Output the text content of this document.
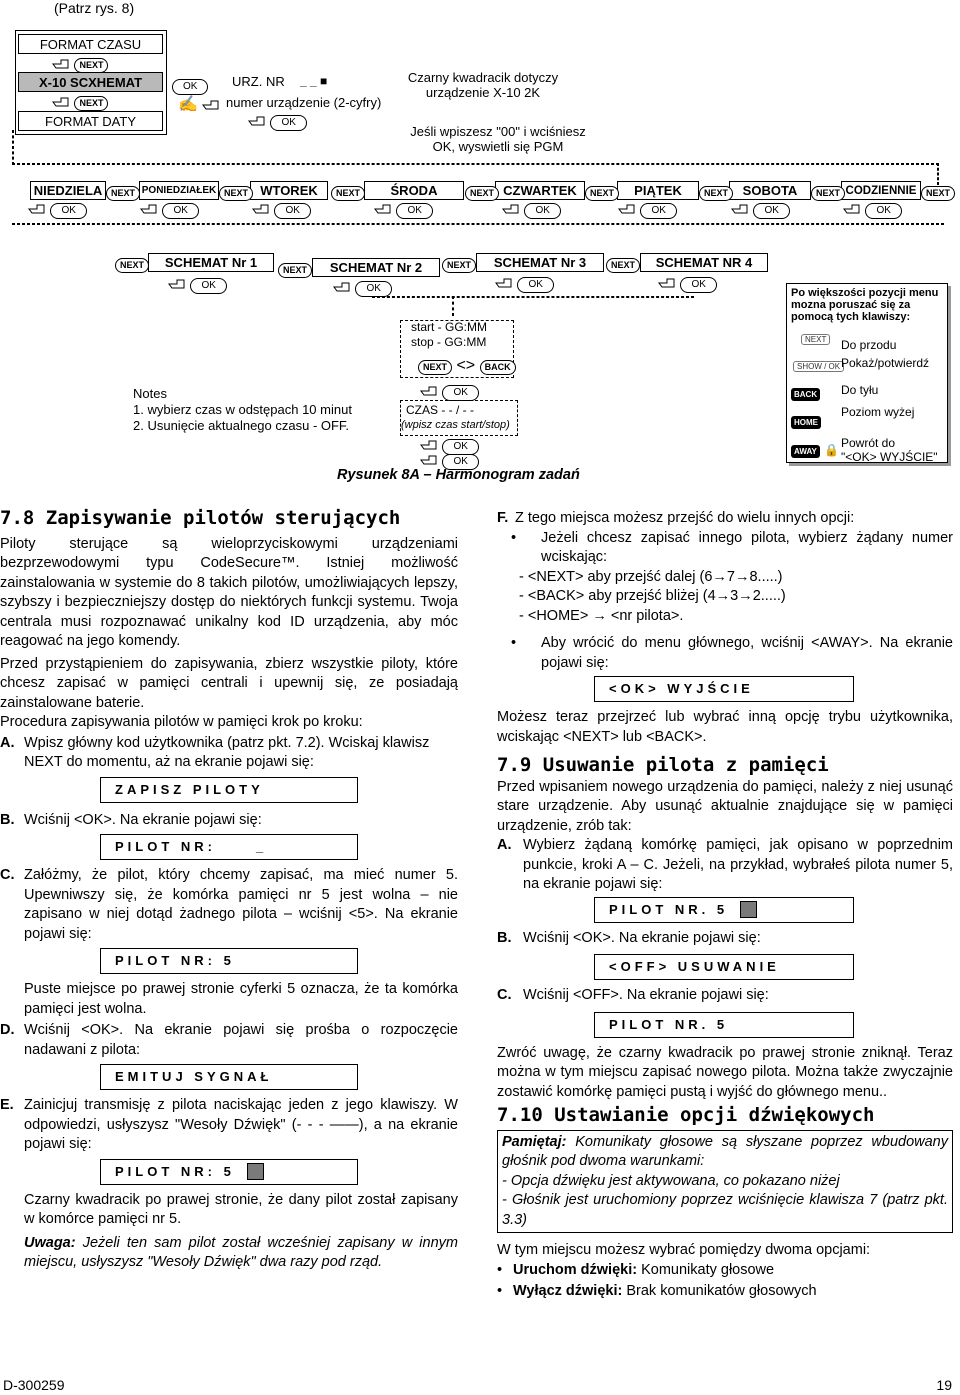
(Patrz rys. 8)
FORMAT CZASU
NEXT
X-10 SCXHEMAT
NEXT
FORMAT DATY
OK	URZ. NR _ _ ■
✍ numer urządzenie (2-cyfry)
OK
Czarny kwadracik dotyczy urządzenie X-10 2K
Jeśli wpiszesz "00" i wciśniesz OK, wyswietli się PGM
NIEDZIELA	PONIEDZIAŁEK	WTOREK	ŚRODA	CZWARTEK	PIĄTEK	SOBOTA	CODZIENNIE
NEXT	NEXT	NEXT	NEXT	NEXT	NEXT	NEXT	NEXT
OK	OK	OK	OK	OK	OK	OK	OK
NEXT	SCHEMAT Nr 1	NEXT	SCHEMAT Nr 2	NEXT	SCHEMAT Nr 3	NEXT	SCHEMAT NR 4
OK	OK	OK	OK
start - GG:MM
stop - GG:MM
NEXT <> BACK
OK
CZAS - - / - -
(wpisz czas start/stop)
OK
OK
Notes
1. wybierz czas w odstępach 10 minut
2. Usunięcie aktualnego czasu - OFF.
Rysunek 8A – Harmonogram zadań
Po większości pozycji menu mozna poruszać się za pomocą tych klawiszy:
NEXT	Do przodu
SHOW / OK Pokaż/potwierdź
BACK Do tyłu
HOME
Poziom wyżej
AWAY 🔒 Powrót do
"<OK> WYJŚCIE"
7.8 Zapisywanie pilotów sterujących

Piloty sterujące są wieloprzyciskowymi urządzeniami bezprzewodowymi typu CodeSecure™. Istniej możliwość zainstalowania w systemie do 8 takich pilotów, umożliwiających lepszy, szybszy i bezpieczniejszy dostęp do niektórych funkcji systemu. Twoja centrala musi rozpoznawać unikalny kod ID urządzenia, aby móc reagować na jego komendy.

Przed przystąpieniem do zapisywania, zbierz wszystkie piloty, które chcesz zapisać w pamięci centrali i upewnij się, ze posiadają zainstalowane baterie.

Procedura zapisywania pilotów w pamięci krok po kroku:

A. Wpisz główny kod użytkownika (patrz pkt. 7.2). Wciskaj klawisz NEXT do momentu, aż na ekranie pojawi się:
ZAPISZ PILOTY
B. Wciśnij <OK>. Na ekranie pojawi się:
PILOT NR:	_
C. Załóżmy, że pilot, który chcemy zapisać, ma mieć numer 5. Upewniwszy się, że komórka pamięci nr 5 jest wolna – nie zapisano w niej dotąd żadnego pilota – wciśnij <5>. Na ekranie pojawi się:
PILOT NR: 5

Puste miejsce po prawej stronie cyferki 5 oznacza, że ta komórka pamięci jest wolna.

D. Wciśnij <OK>. Na ekranie pojawi się prośba o rozpoczęcie nadawani z pilota:
EMITUJ SYGNAŁ
E. Zainicjuj transmisję z pilota naciskając jeden z jego klawiszy. W odpowiedzi, usłyszysz "Wesoły Dźwięk" (- - - ——), a na ekranie pojawi się:
PILOT NR: 5

Czarny kwadracik po prawej stronie, że dany pilot został zapisany w komórce pamięci nr 5.

Uwaga: Jeżeli ten sam pilot został wcześniej zapisany w innym miejscu, usłyszysz "Wesoły Dźwięk" dwa razy pod rząd.

F. Z tego miejsca możesz przejść do wielu innych opcji:
•	Jeżeli chcesz zapisać innego pilota, wybierz żądany numer wciskając:
- <NEXT> aby przejść dalej (6→7→8.....)
- <BACK> aby przejść bliżej (4→3→2.....)
- <HOME> → <nr pilota>.
•	Aby wrócić do menu głównego, wciśnij <AWAY>. Na ekranie pojawi się:
<OK> WYJŚCIE

Możesz teraz przejrzeć lub wybrać inną opcję trybu użytkownika, wciskając <NEXT> lub <BACK>.

7.9 Usuwanie pilota z pamięci

Przed wpisaniem nowego urządzenia do pamięci, należy z niej usunąć stare urządzenie. Aby usunąć aktualnie znajdujące się w pamięci urządzenie, zrób tak:

A. Wybierz żądaną komórkę pamięci, jak opisano w poprzednim punkcie, kroki A – C. Jeżeli, na przykład, wybrałeś pilota numer 5, na ekranie pojawi się:
PILOT NR. 5
B. Wciśnij <OK>. Na ekranie pojawi się:
<OFF> USUWANIE
C. Wciśnij <OFF>. Na ekranie pojawi się:
PILOT NR. 5

Zwróć uwagę, że czarny kwadracik po prawej stronie zniknął. Teraz można w tym miejscu zapisać nowego pilota. Można także zwyczajnie zostawić komórkę pamięci pustą i wyjść do głównego menu..

7.10 Ustawianie opcji dźwiękowych

Pamiętaj: Komunikaty głosowe są słyszane poprzez wbudowany głośnik pod dwoma warunkami:

- Opcja dźwięku jest aktywowana, co pokazano niżej

- Głośnik jest uruchomiony poprzez wciśnięcie klawisza 7 (patrz pkt. 3.3)

W tym miejscu możesz wybrać pomiędzy dwoma opcjami:

• Uruchom dźwięki: Komunikaty głosowe
• Wyłącz dźwięki: Brak komunikatów głosowych
D-300259	19
